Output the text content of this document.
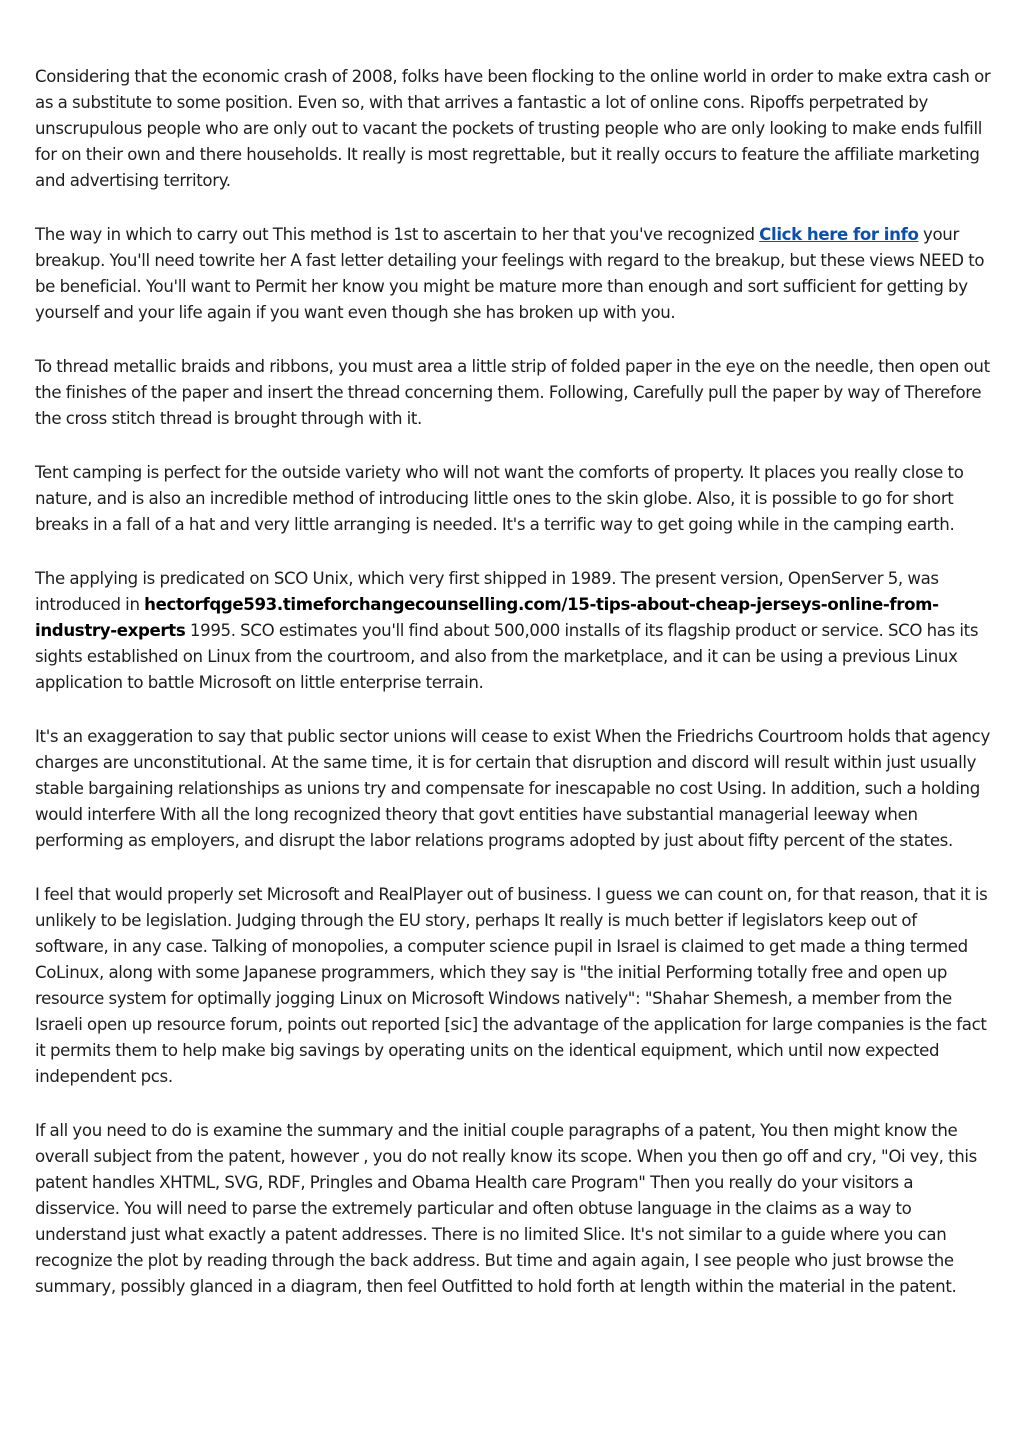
Considering that the economic crash of 2008, folks have been flocking to the online world in order to make extra cash or as a substitute to some position. Even so, with that arrives a fantastic a lot of online cons. Ripoffs perpetrated by unscrupulous people who are only out to vacant the pockets of trusting people who are only looking to make ends fulfill for on their own and there households. It really is most regrettable, but it really occurs to feature the affiliate marketing and advertising territory.

The way in which to carry out This method is 1st to ascertain to her that you've recognized Click here for info your breakup. You'll need towrite her A fast letter detailing your feelings with regard to the breakup, but these views NEED to be beneficial. You'll want to Permit her know you might be mature more than enough and sort sufficient for getting by yourself and your life again if you want even though she has broken up with you.

To thread metallic braids and ribbons, you must area a little strip of folded paper in the eye on the needle, then open out the finishes of the paper and insert the thread concerning them. Following, Carefully pull the paper by way of Therefore the cross stitch thread is brought through with it.

Tent camping is perfect for the outside variety who will not want the comforts of property. It places you really close to nature, and is also an incredible method of introducing little ones to the skin globe. Also, it is possible to go for short breaks in a fall of a hat and very little arranging is needed. It's a terrific way to get going while in the camping earth.

The applying is predicated on SCO Unix, which very first shipped in 1989. The present version, OpenServer 5, was introduced in hectorfqge593.timeforchangecounselling.com/15-tips-about-cheap-jerseys-online-from-industry-experts 1995. SCO estimates you'll find about 500,000 installs of its flagship product or service. SCO has its sights established on Linux from the courtroom, and also from the marketplace, and it can be using a previous Linux application to battle Microsoft on little enterprise terrain.

It's an exaggeration to say that public sector unions will cease to exist When the Friedrichs Courtroom holds that agency charges are unconstitutional. At the same time, it is for certain that disruption and discord will result within just usually stable bargaining relationships as unions try and compensate for inescapable no cost Using. In addition, such a holding would interfere With all the long recognized theory that govt entities have substantial managerial leeway when performing as employers, and disrupt the labor relations programs adopted by just about fifty percent of the states.

I feel that would properly set Microsoft and RealPlayer out of business. I guess we can count on, for that reason, that it is unlikely to be legislation. Judging through the EU story, perhaps It really is much better if legislators keep out of software, in any case. Talking of monopolies, a computer science pupil in Israel is claimed to get made a thing termed CoLinux, along with some Japanese programmers, which they say is "the initial Performing totally free and open up resource system for optimally jogging Linux on Microsoft Windows natively": "Shahar Shemesh, a member from the Israeli open up resource forum, points out reported [sic] the advantage of the application for large companies is the fact it permits them to help make big savings by operating units on the identical equipment, which until now expected independent pcs.

If all you need to do is examine the summary and the initial couple paragraphs of a patent, You then might know the overall subject from the patent, however , you do not really know its scope. When you then go off and cry, "Oi vey, this patent handles XHTML, SVG, RDF, Pringles and Obama Health care Program" Then you really do your visitors a disservice. You will need to parse the extremely particular and often obtuse language in the claims as a way to understand just what exactly a patent addresses. There is no limited Slice. It's not similar to a guide where you can recognize the plot by reading through the back address. But time and again again, I see people who just browse the summary, possibly glanced in a diagram, then feel Outfitted to hold forth at length within the material in the patent.
